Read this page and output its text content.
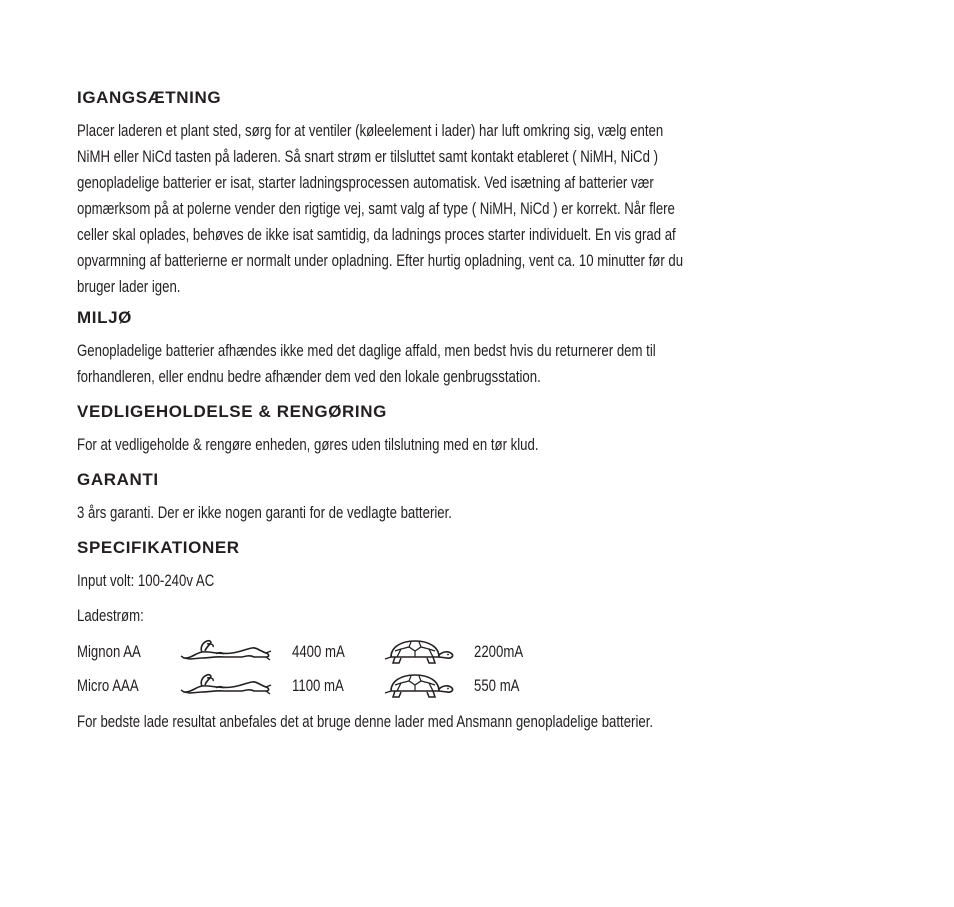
IGANGSÆTNING

Placer laderen et plant sted, sørg for at ventiler (køleelement i lader) har luft omkring sig, vælg enten
NiMH eller NiCd tasten på laderen. Så snart strøm er tilsluttet samt kontakt etableret ( NiMH, NiCd )
genopladelige batterier er isat, starter ladningsprocessen automatisk. Ved isætning af batterier vær
opmærksom på at polerne vender den rigtige vej, samt valg af type ( NiMH, NiCd ) er korrekt. Når flere
celler skal oplades, behøves de ikke isat samtidig, da ladnings proces starter individuelt. En vis grad af
opvarmning af batterierne er normalt under opladning. Efter hurtig opladning, vent ca. 10 minutter før du
bruger lader igen.

MILJØ

Genopladelige batterier afhændes ikke med det daglige affald, men bedst hvis du returnerer dem til
forhandleren, eller endnu bedre afhænder dem ved den lokale genbrugsstation.

VEDLIGEHOLDELSE & RENGØRING

For at vedligeholde & rengøre enheden, gøres uden tilslutning med en tør klud.

GARANTI

3 års garanti. Der er ikke nogen garanti for de vedlagte batterier.

SPECIFIKATIONER
Input volt: 100-240v AC
Ladestrøm:
Mignon AA	4400 mA	2200mA
Micro AAA	1100 mA	550 mA
For bedste lade resultat anbefales det at bruge denne lader med Ansmann genopladelige batterier.
